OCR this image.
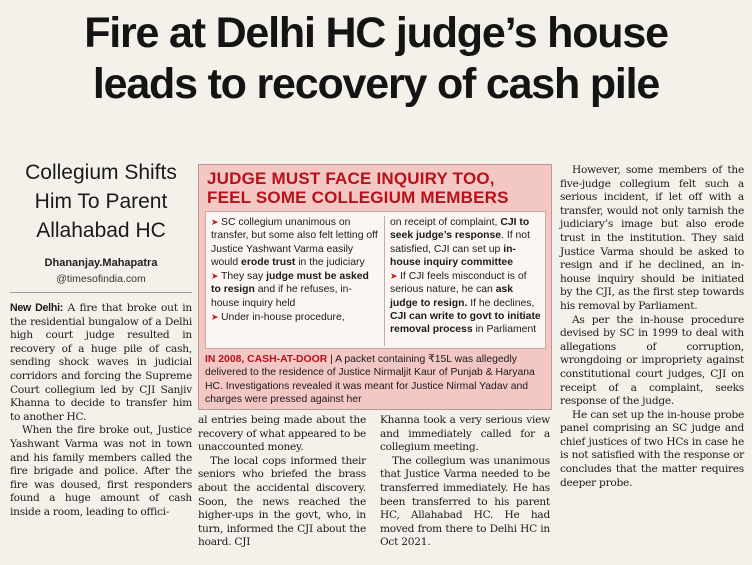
Fire at Delhi HC judge’s house
leads to recovery of cash pile
Collegium Shifts
Him To Parent
Allahabad HC
Dhananjay.Mahapatra
@timesofindia.com

New Delhi: A fire that broke out in the residential bungalow of a Delhi high court judge resulted in recovery of a huge pile of cash, sending shock waves in judicial corridors and forcing the Supreme Court collegium led by CJI Sanjiv Khanna to decide to transfer him to another HC.

When the fire broke out, Justice Yashwant Varma was not in town and his family members called the fire brigade and police. After the fire was doused, first responders found a huge amount of cash inside a room, leading to offici-

JUDGE MUST FACE INQUIRY TOO,
FEEL SOME COLLEGIUM MEMBERS
➤ SC collegium unanimous on transfer, but some also felt letting off Justice Yashwant Varma easily would erode trust in the judiciary
➤ They say judge must be asked to resign and if he refuses, in-house inquiry held
➤ Under in-house procedure,
on receipt of complaint, CJI to seek judge’s response. If not satisfied, CJI can set up in-house inquiry committee
➤ If CJI feels misconduct is of serious nature, he can ask judge to resign. If he declines, CJI can write to govt to initiate removal process in Parliament
IN 2008, CASH-AT-DOOR | A packet containing ₹15L was allegedly delivered to the residence of Justice Nirmaljit Kaur of Punjab & Haryana HC. Investigations revealed it was meant for Justice Nirmal Yadav and charges were pressed against her

al entries being made about the recovery of what appeared to be unaccounted money.

The local cops informed their seniors who briefed the brass about the accidental discovery. Soon, the news reached the higher-ups in the govt, who, in turn, informed the CJI about the hoard. CJI

Khanna took a very serious view and immediately called for a collegium meeting.

The collegium was unanimous that Justice Varma needed to be transferred immediately. He has been transferred to his parent HC, Allahabad HC. He had moved from there to Delhi HC in Oct 2021.

However, some members of the five-judge collegium felt such a serious incident, if let off with a transfer, would not only tarnish the judiciary’s image but also erode trust in the institution. They said Justice Varma should be asked to resign and if he declined, an in-house inquiry should be initiated by the CJI, as the first step towards his removal by Parliament.

As per the in-house procedure devised by SC in 1999 to deal with allegations of corruption, wrongdoing or impropriety against constitutional court judges, CJI on receipt of a complaint, seeks response of the judge.

He can set up the in-house probe panel comprising an SC judge and chief justices of two HCs in case he is not satisfied with the response or concludes that the matter requires deeper probe.
